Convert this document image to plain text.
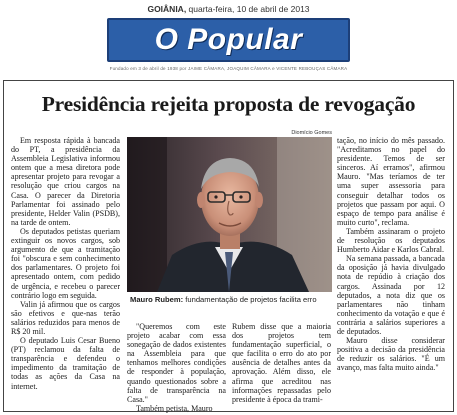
GOIÂNIA, quarta-feira, 10 de abril de 2013
O Popular
Fundado em 3 de abril de 1938 por JAIME CÂMARA, JOAQUIM CÂMARA e VICENTE REBOUÇAS CÂMARA
Presidência rejeita proposta de revogação

Em resposta rápida à bancada do PT, a presidência da Assembleia Legislativa informou ontem que a mesa diretora pode apresentar projeto para revogar a resolução que criou cargos na Casa. O parecer da Diretoria Parlamentar foi assinado pelo presidente, Helder Valin (PSDB), na tarde de ontem.

Os deputados petistas queriam extinguir os novos cargos, sob argumento de que a tramitação foi "obscura e sem conhecimento dos parlamentares. O projeto foi apresentado ontem, com pedido de urgência, e recebeu o parecer contrário logo em seguida.

Valin já afirmou que os cargos são efetivos e que-nas terão salários reduzidos para menos de R$ 20 mil.

O deputado Luis Cesar Bueno (PT) reclamou da falta de transparência e defendeu o impedimento da tramitação de todas as ações da Casa na internet.

Diomício Gomes
Mauro Rubem: fundamentação de projetos facilita erro

"Queremos com este projeto acabar com essa sonegação de dados existentes na Assembleia para que tenhamos melhores condições de responder à população, quando questionados sobre a falta de transparência na Casa."

Também petista, Mauro

Rubem disse que a maioria dos projetos tem fundamentação superficial, o que facilita o erro do ato por ausência de detalhes antes da aprovação. Além disso, ele afirma que acreditou nas informações repassadas pelo presidente à época da trami-

tação, no início do mês passado. "Acreditamos no papel do presidente. Temos de ser sinceros. Aí erramos", afirmou Mauro. "Mas teríamos de ter uma super assessoria para conseguir detalhar todos os projetos que passam por aqui. O espaço de tempo para análise é muito curto", reclama.

Também assinaram o projeto de resolução os deputados Humberto Aidar e Karlos Cabral.

Na semana passada, a bancada da oposição já havia divulgado nota de repúdio à criação dos cargos. Assinada por 12 deputados, a nota diz que os parlamentares não tinham conhecimento da votação e que é contrária a salários superiores a de deputados.

Mauro disse considerar positiva a decisão da presidência de reduzir os salários. "É um avanço, mas falta muito ainda."
